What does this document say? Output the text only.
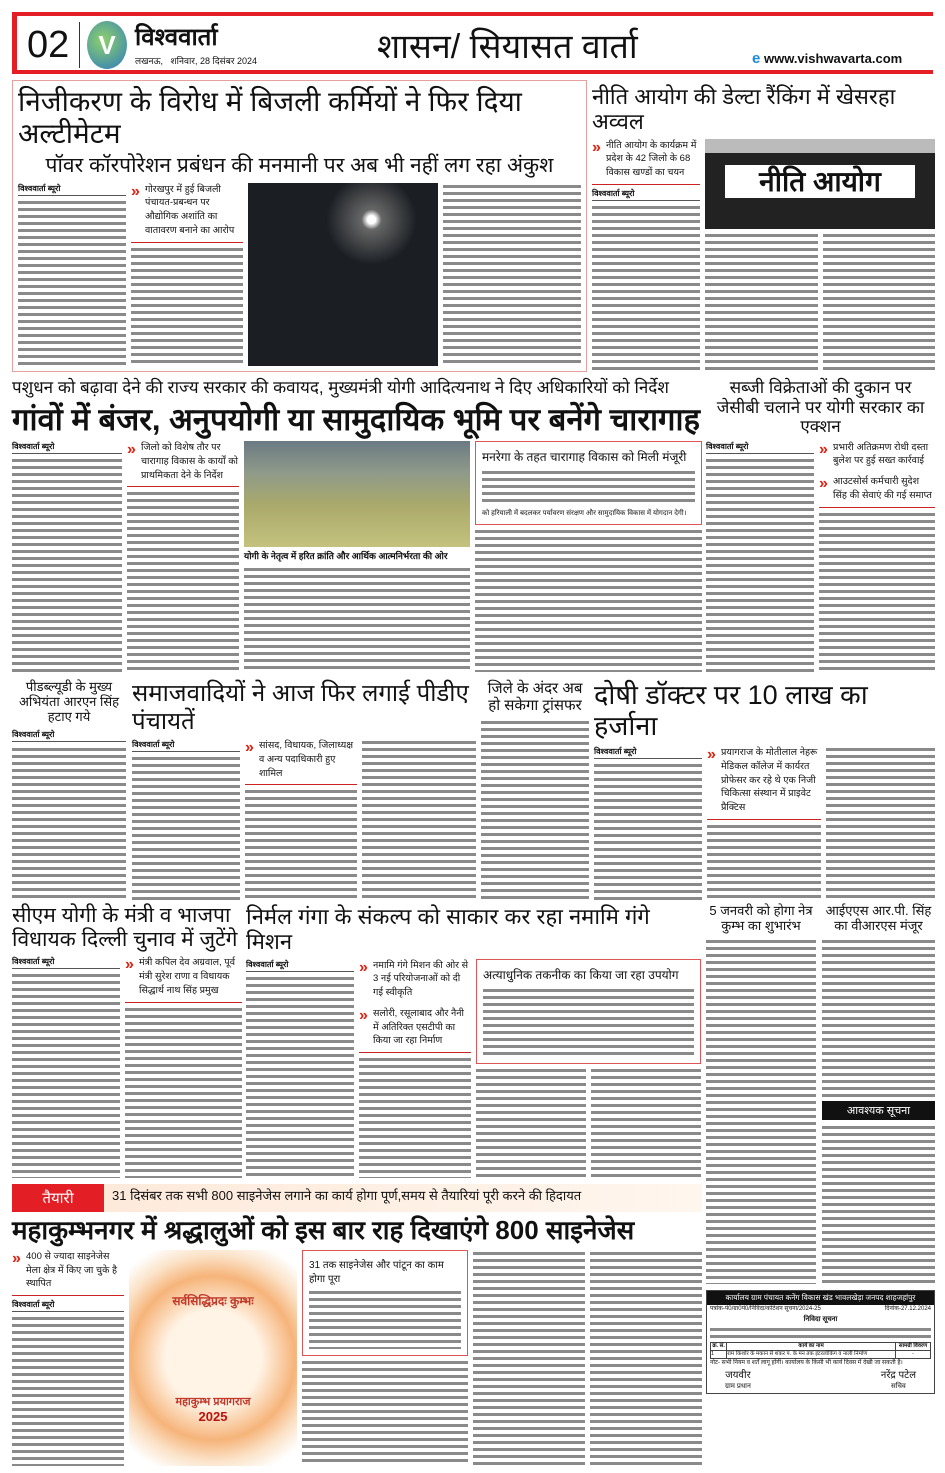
02	V विश्ववार्ता
लखनऊ,   शनिवार, 28 दिसंबर 2024	शासन/ सियासत वार्ता	e www.vishwavarta.com
निजीकरण के विरोध में बिजली कर्मियों ने फिर दिया अल्टीमेटम
पॉवर कॉरपोरेशन प्रबंधन की मनमानी पर अब भी नहीं लग रहा अंकुश
विश्ववार्ता ब्यूरो	» गोरखपुर में हुई बिजली पंचायत-प्रबन्धन पर औद्योगिक अशांति का वातावरण बनाने का आरोप
नीति आयोग की डेल्टा रैंकिंग में खेसरहा अव्वल
» नीति आयोग के कार्यक्रम में प्रदेश के 42 जिलो के 68 विकास खण्डों का चयन
विश्ववार्ता ब्यूरो	नीति आयोग
पशुधन को बढ़ावा देने की राज्य सरकार की कवायद, मुख्यमंत्री योगी आदित्यनाथ ने दिए अधिकारियों को निर्देश
गांवों में बंजर, अनुपयोगी या सामुदायिक भूमि पर बनेंगे चारागाह
विश्ववार्ता ब्यूरो	» जिलो को विशेष तौर पर चारागाह विकास के कार्यों को प्राथमिकता देने के निर्देश
योगी के नेतृत्व में हरित क्रांति और आर्थिक आत्मनिर्भरता की ओर
मनरेगा के तहत चारागाह विकास को मिली मंजूरी
को हरियाली में बदलकर पर्यावरण संरक्षण और सामुदायिक विकास में योगदान देगी।
सब्जी विक्रेताओं की दुकान पर जेसीबी चलाने पर योगी सरकार का एक्शन
विश्ववार्ता ब्यूरो	» प्रभारी अतिक्रमण रोधी दस्ता बुलेश पर हुई सख्त कार्रवाई
» आउटसोर्स कर्मचारी सुदेश सिंह की सेवाएं की गई समाप्त
पीडब्ल्यूडी के मुख्य अभियंता आरएन सिंह हटाए गये
विश्ववार्ता ब्यूरो
समाजवादियों ने आज फिर लगाई पीडीए पंचायतें
विश्ववार्ता ब्यूरो	» सांसद, विधायक, जिलाध्यक्ष व अन्य पदाधिकारी हुए शामिल
जिले के अंदर अब हो सकेगा ट्रांसफर दोषी डॉक्टर पर 10 लाख का हर्जाना
विश्ववार्ता ब्यूरो	» प्रयागराज के मोतीलाल नेहरू मेडिकल कॉलेज में कार्यरत प्रोफेसर कर रहे थे एक निजी चिकित्सा संस्थान में प्राइवेट प्रैक्टिस
सीएम योगी के मंत्री व भाजपा विधायक दिल्ली चुनाव में जुटेंगे
विश्ववार्ता ब्यूरो	» मंत्री कपिल देव अग्रवाल, पूर्व मंत्री सुरेश राणा व विधायक सिद्धार्थ नाथ सिंह प्रमुख
निर्मल गंगा के संकल्प को साकार कर रहा नमामि गंगे मिशन
विश्ववार्ता ब्यूरो	» नमामि गंगे मिशन की ओर से 3 नई परियोजनाओं को दी गई स्वीकृति
» सलोरी, रसूलाबाद और नैनी में अतिरिक्त एसटीपी का किया जा रहा निर्माण
अत्याधुनिक तकनीक का किया जा रहा उपयोग
5 जनवरी को होगा नेत्र कुम्भ का शुभारंभ
आईएएस आर.पी. सिंह का वीआरएस मंजूर
आवश्यक सूचना
तैयारी	31 दिसंबर तक सभी 800 साइनेजेस लगाने का कार्य होगा पूर्ण,समय से तैयारियां पूरी करने की हिदायत
महाकुम्भनगर में श्रद्धालुओं को इस बार राह दिखाएंगे 800 साइनेजेस
» 400 से ज्यादा साइनेजेस मेला क्षेत्र में किए जा चुके है स्थापित
विश्ववार्ता ब्यूरो	सर्वसिद्धिप्रदः कुम्भः
महाकुम्भ प्रयागराज
2025
31 तक साइनेजेस और पांटून का काम होगा पूरा
कार्यालय ग्राम पंचायत कनेंग विकास खंड भावलखेड़ा जनपद शाहजहांपुर
पत्रांक-पं0/ग्रा0पं0/निविदा/कोटेशन सूचना/2024-25	दिनांक-27.12.2024
निविदा सूचना
क्र. सं.	कार्य का नाम	सामग्री विवरण
1	राम किशोर के मकान से शंकर प. के मन तक इंटरलॉकिंग व नाली निर्माण	-
नोट- सभी नियम व शर्तें लागू होंगी। कार्यालय के किसी भी कार्य दिवस में देखी जा सकती है।
जयवीर
ग्राम प्रधान
नरेंद्र पटेल
सचिव
